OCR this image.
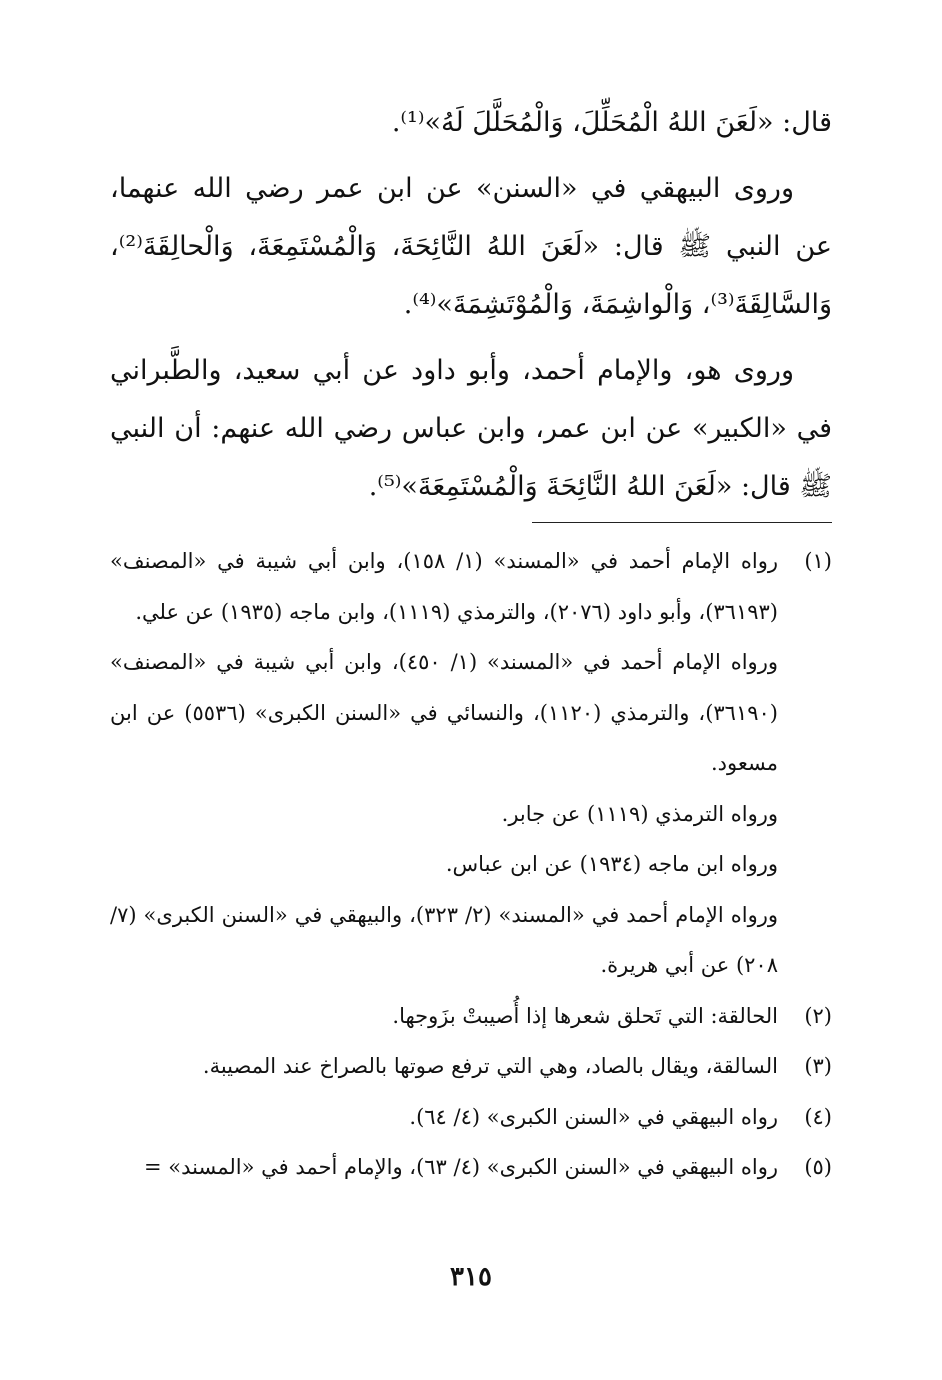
قال: «لَعَنَ اللهُ الْمُحَلِّلَ، وَالْمُحَلَّلَ لَهُ»⁽¹⁾.

وروى البيهقي في «السنن» عن ابن عمر رضي الله عنهما، عن النبي ﷺ قال: «لَعَنَ اللهُ النَّائِحَةَ، وَالْمُسْتَمِعَةَ، وَالْحالِقَةَ⁽²⁾، وَالسَّالِقَةَ⁽³⁾، وَالْواشِمَةَ، وَالْمُوْتَشِمَةَ»⁽⁴⁾.

وروى هو، والإمام أحمد، وأبو داود عن أبي سعيد، والطَّبراني في «الكبير» عن ابن عمر، وابن عباس رضي الله عنهم: أن النبي ﷺ قال: «لَعَنَ اللهُ النَّائِحَةَ وَالْمُسْتَمِعَةَ»⁽⁵⁾.

(١)
رواه الإمام أحمد في «المسند» (١/ ١٥٨)، وابن أبي شيبة في «المصنف» (٣٦١٩٣)، وأبو داود (٢٠٧٦)، والترمذي (١١١٩)، وابن ماجه (١٩٣٥) عن علي.

ورواه الإمام أحمد في «المسند» (١/ ٤٥٠)، وابن أبي شيبة في «المصنف» (٣٦١٩٠)، والترمذي (١١٢٠)، والنسائي في «السنن الكبرى» (٥٥٣٦) عن ابن مسعود.

ورواه الترمذي (١١١٩) عن جابر.

ورواه ابن ماجه (١٩٣٤) عن ابن عباس.

ورواه الإمام أحمد في «المسند» (٢/ ٣٢٣)، والبيهقي في «السنن الكبرى» (٧/ ٢٠٨) عن أبي هريرة.

(٢)
الحالقة: التي تَحلق شعرها إذا أُصيبتْ بزَوجها.
(٣)
السالقة، ويقال بالصاد، وهي التي ترفع صوتها بالصراخ عند المصيبة.
(٤)
رواه البيهقي في «السنن الكبرى» (٤/ ٦٤).
(٥)
رواه البيهقي في «السنن الكبرى» (٤/ ٦٣)، والإمام أحمد في «المسند» =
٣١٥
